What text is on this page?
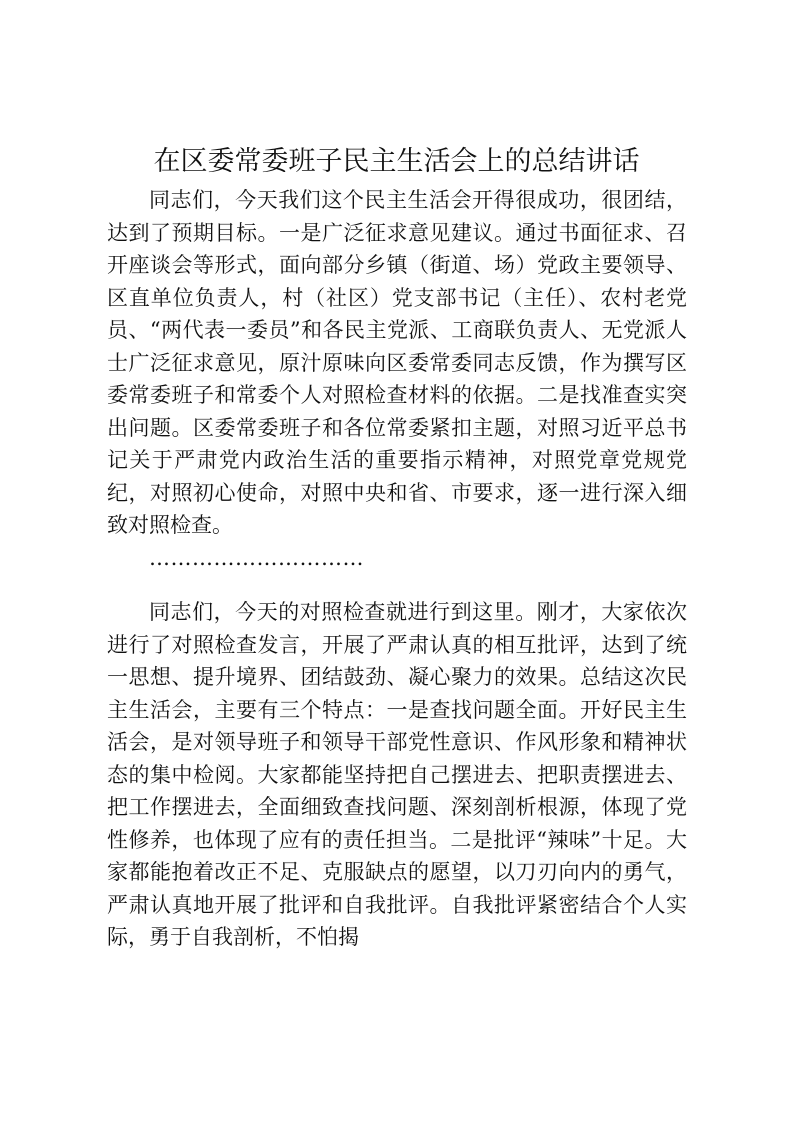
在区委常委班子民主生活会上的总结讲话

同志们，今天我们这个民主生活会开得很成功，很团结，达到了预期目标。一是广泛征求意见建议。通过书面征求、召开座谈会等形式，面向部分乡镇（街道、场）党政主要领导、区直单位负责人，村（社区）党支部书记（主任）、农村老党员、“两代表一委员”和各民主党派、工商联负责人、无党派人士广泛征求意见，原汁原味向区委常委同志反馈，作为撰写区委常委班子和常委个人对照检查材料的依据。二是找准查实突出问题。区委常委班子和各位常委紧扣主题，对照习近平总书记关于严肃党内政治生活的重要指示精神，对照党章党规党纪，对照初心使命，对照中央和省、市要求，逐一进行深入细致对照检查。

…………………………

同志们，今天的对照检查就进行到这里。刚才，大家依次进行了对照检查发言，开展了严肃认真的相互批评，达到了统一思想、提升境界、团结鼓劲、凝心聚力的效果。总结这次民主生活会，主要有三个特点：一是查找问题全面。开好民主生活会，是对领导班子和领导干部党性意识、作风形象和精神状态的集中检阅。大家都能坚持把自己摆进去、把职责摆进去、把工作摆进去，全面细致查找问题、深刻剖析根源，体现了党性修养，也体现了应有的责任担当。二是批评“辣味”十足。大家都能抱着改正不足、克服缺点的愿望，以刀刃向内的勇气，严肃认真地开展了批评和自我批评。自我批评紧密结合个人实际，勇于自我剖析，不怕揭
